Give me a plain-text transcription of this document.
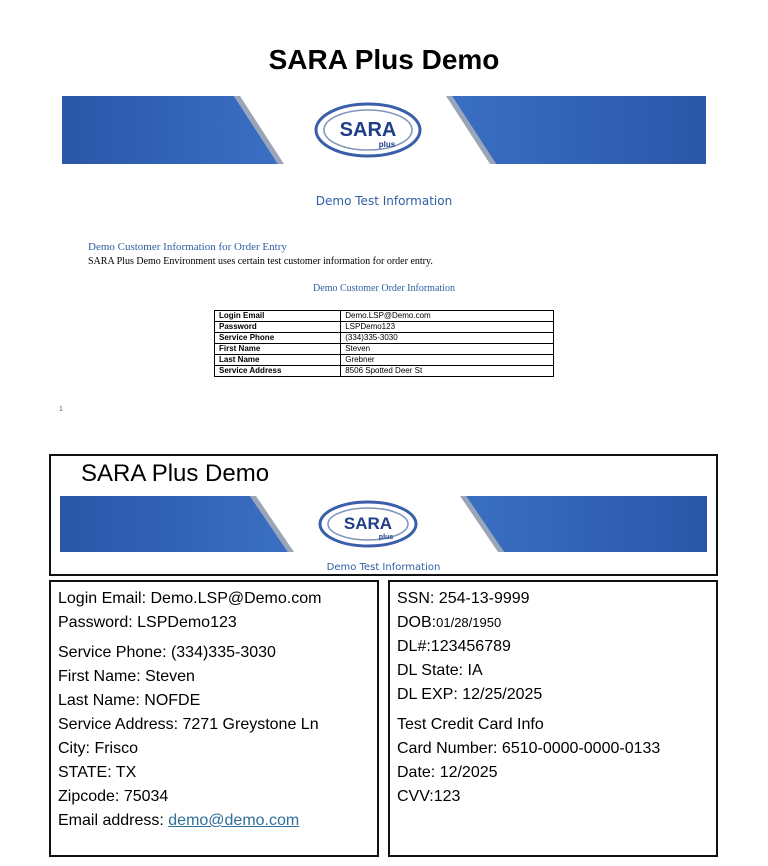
SARA Plus Demo
SARA
plus
Demo Test Information
Demo Customer Information for Order Entry
SARA Plus Demo Environment uses certain test customer information for order entry.
Demo Customer Order Information
Login Email	Demo.LSP@Demo.com
Password	LSPDemo123
Service Phone	(334)335-3030
First Name	Steven
Last Name	Grebner
Service Address	8506 Spotted Deer St
1
SARA Plus Demo
SARA
plus
Demo Test Information
Login Email: Demo.LSP@Demo.com
Password: LSPDemo123
Service Phone: (334)335-3030
First Name: Steven
Last Name: NOFDE
Service Address: 7271 Greystone Ln
City: Frisco
STATE: TX
Zipcode: 75034
Email address: demo@demo.com
SSN: 254-13-9999
DOB:01/28/1950
DL#:123456789
DL State: IA
DL EXP: 12/25/2025
Test Credit Card Info
Card Number: 6510-0000-0000-0133
Date: 12/2025
CVV:123
